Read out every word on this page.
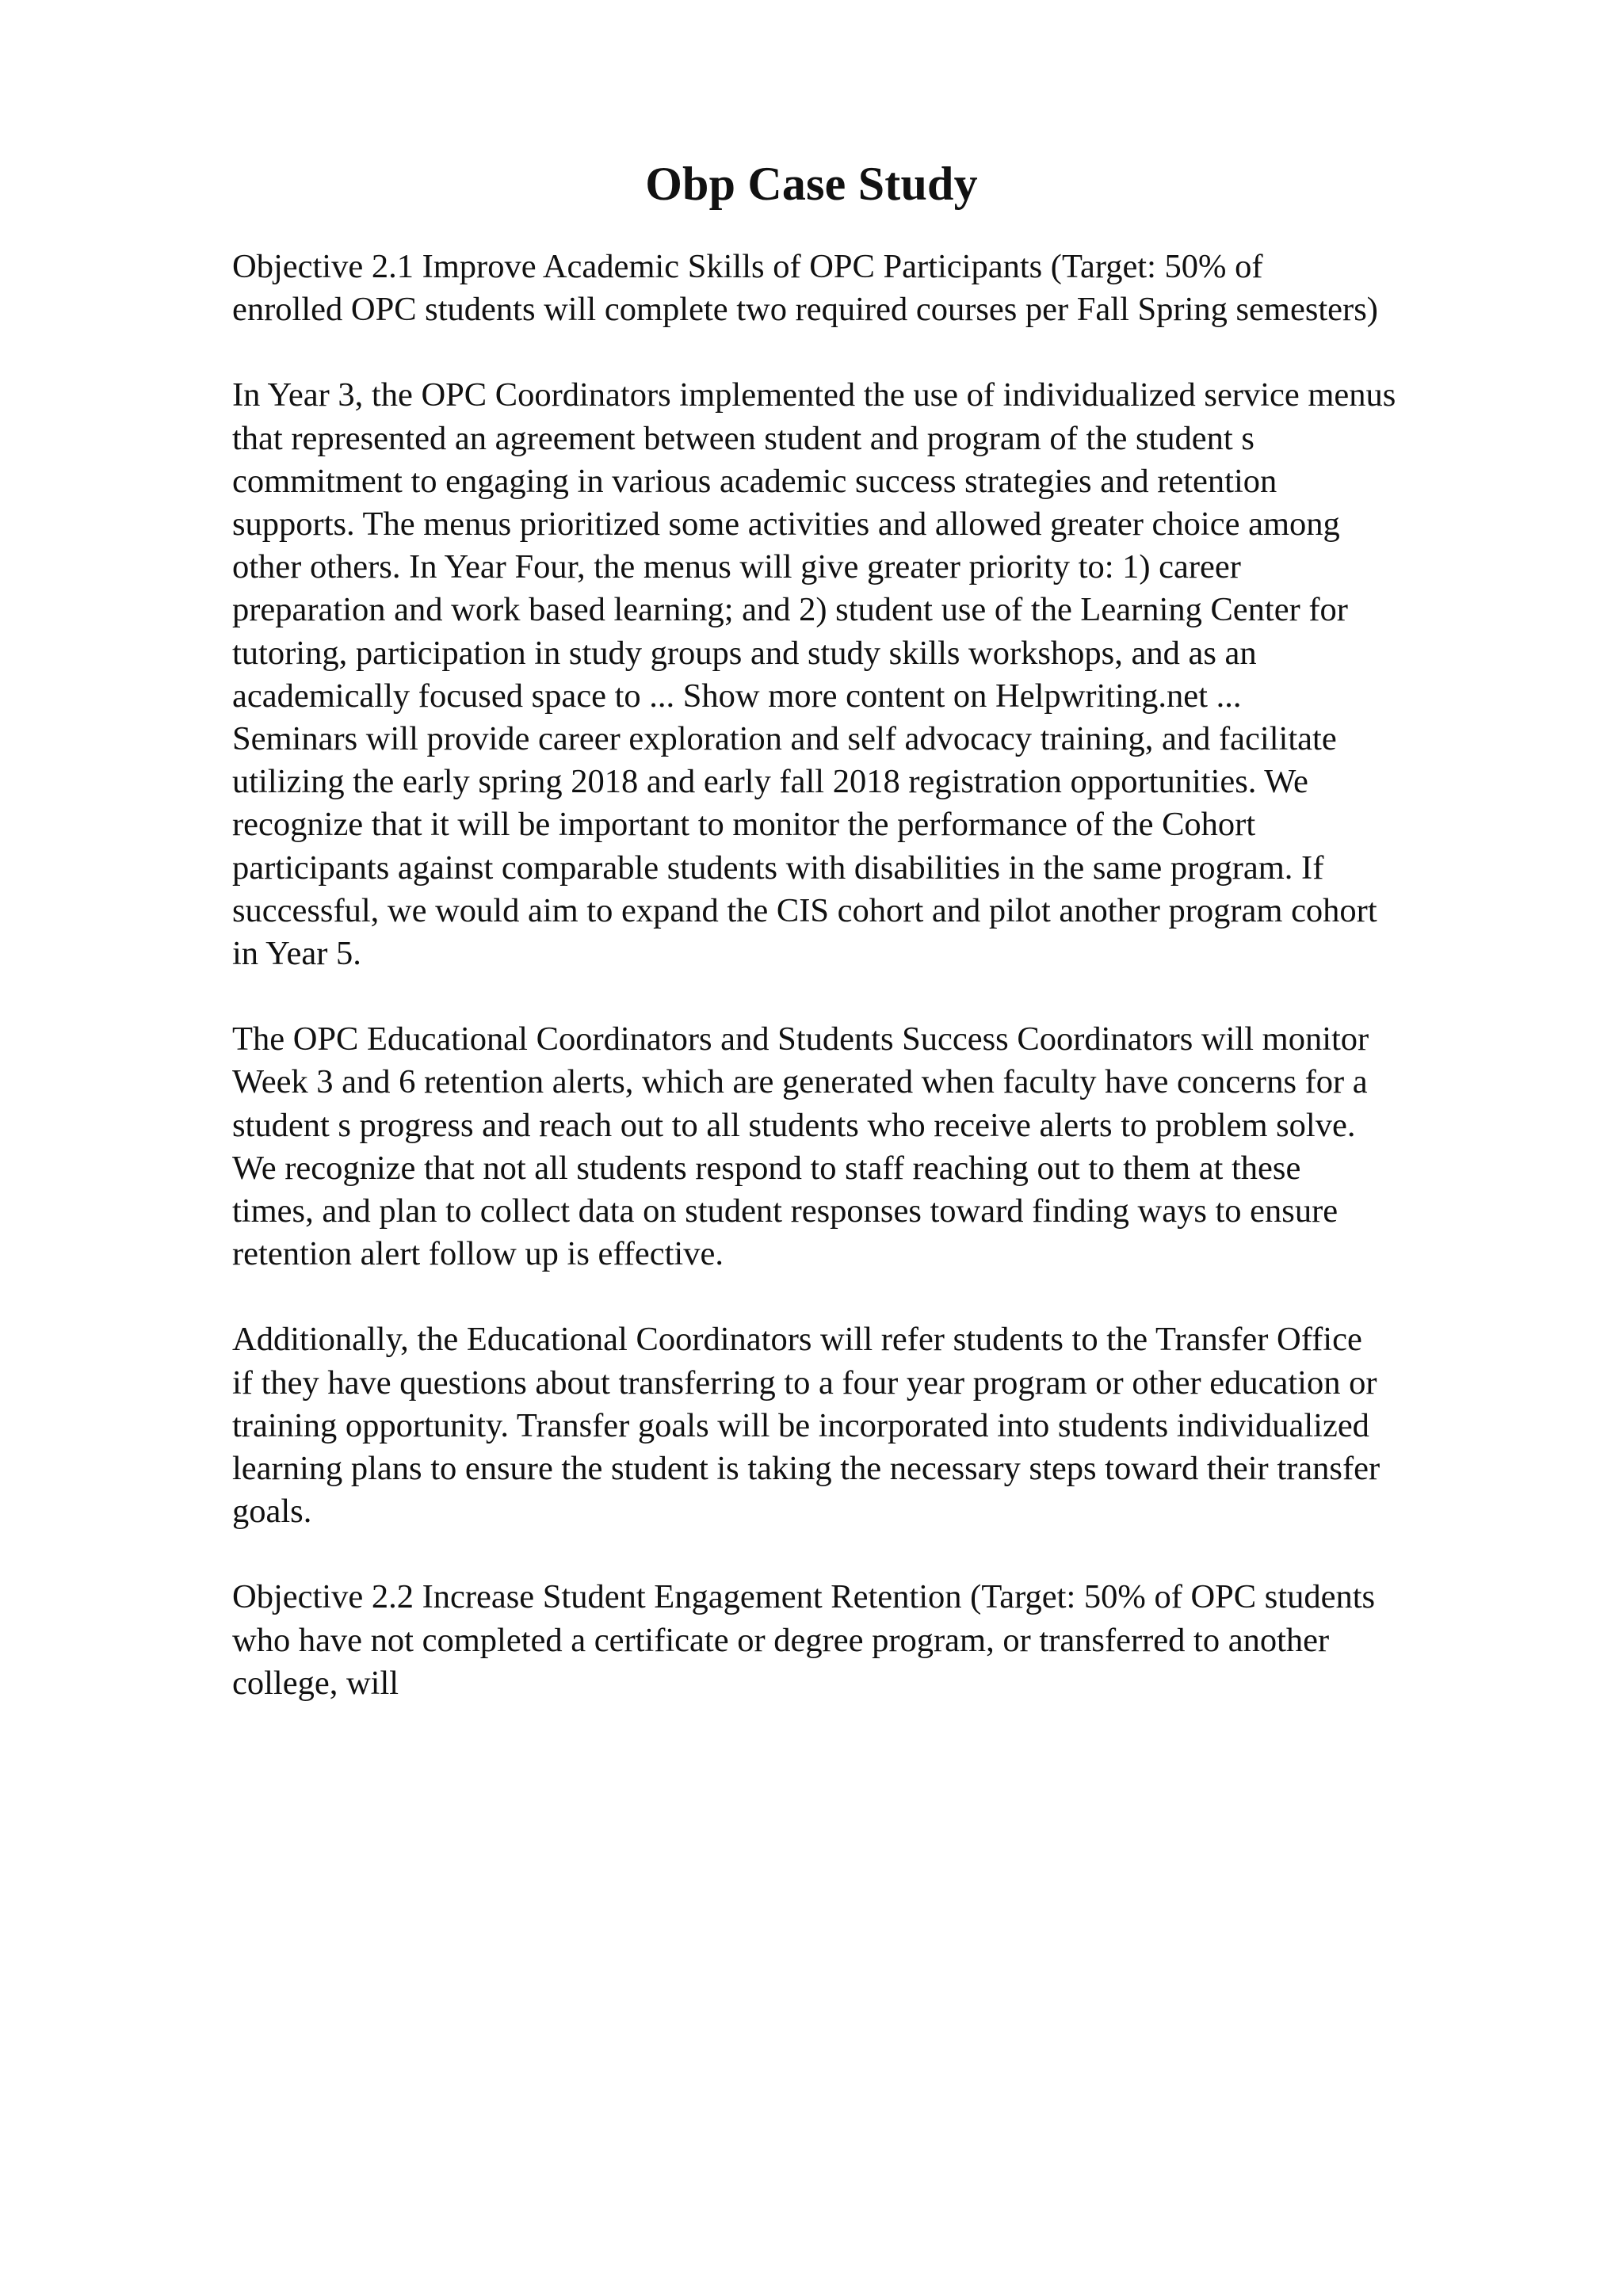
Obp Case Study

Objective 2.1 Improve Academic Skills of OPC Participants (Target: 50% of
enrolled OPC students will complete two required courses per Fall Spring semesters)

In Year 3, the OPC Coordinators implemented the use of individualized service menus
that represented an agreement between student and program of the student s
commitment to engaging in various academic success strategies and retention
supports. The menus prioritized some activities and allowed greater choice among
other others. In Year Four, the menus will give greater priority to: 1) career
preparation and work based learning; and 2) student use of the Learning Center for
tutoring, participation in study groups and study skills workshops, and as an
academically focused space to ... Show more content on Helpwriting.net ...
Seminars will provide career exploration and self advocacy training, and facilitate
utilizing the early spring 2018 and early fall 2018 registration opportunities. We
recognize that it will be important to monitor the performance of the Cohort
participants against comparable students with disabilities in the same program. If
successful, we would aim to expand the CIS cohort and pilot another program cohort
in Year 5.

The OPC Educational Coordinators and Students Success Coordinators will monitor
Week 3 and 6 retention alerts, which are generated when faculty have concerns for a
student s progress and reach out to all students who receive alerts to problem solve.
We recognize that not all students respond to staff reaching out to them at these
times, and plan to collect data on student responses toward finding ways to ensure
retention alert follow up is effective.

Additionally, the Educational Coordinators will refer students to the Transfer Office
if they have questions about transferring to a four year program or other education or
training opportunity. Transfer goals will be incorporated into students individualized
learning plans to ensure the student is taking the necessary steps toward their transfer
goals.

Objective 2.2 Increase Student Engagement Retention (Target: 50% of OPC students
who have not completed a certificate or degree program, or transferred to another
college, will
